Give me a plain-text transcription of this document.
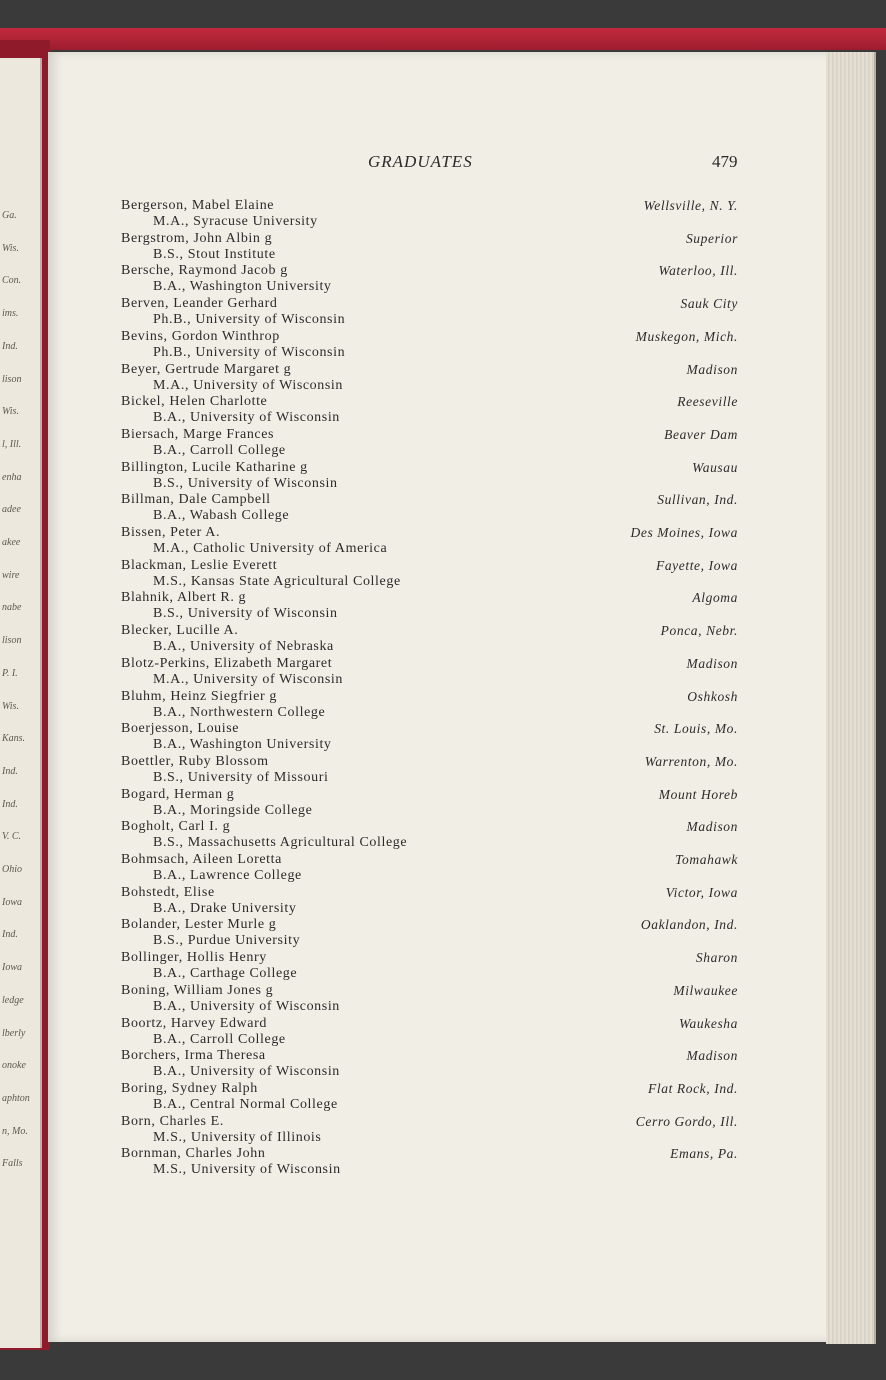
Ga.
Wis.
Con.
ims.
Ind.
lison
Wis.
l, Ill.
enha
adee
akee
wire
nabe
lison
P. I.
Wis.
Kans.
Ind.
Ind.
V. C.
Ohio
Iowa
Ind.
Iowa
ledge
lberly
onoke
aphton
n, Mo.
Falls
GRADUATES	479
Bergerson, Mabel Elaine
M.A., Syracuse University
Wellsville, N. Y.
Bergstrom, John Albin g
B.S., Stout Institute
Superior
Bersche, Raymond Jacob g
B.A., Washington University
Waterloo, Ill.
Berven, Leander Gerhard
Ph.B., University of Wisconsin
Sauk City
Bevins, Gordon Winthrop
Ph.B., University of Wisconsin
Muskegon, Mich.
Beyer, Gertrude Margaret g
M.A., University of Wisconsin
Madison
Bickel, Helen Charlotte
B.A., University of Wisconsin
Reeseville
Biersach, Marge Frances
B.A., Carroll College
Beaver Dam
Billington, Lucile Katharine g
B.S., University of Wisconsin
Wausau
Billman, Dale Campbell
B.A., Wabash College
Sullivan, Ind.
Bissen, Peter A.
M.A., Catholic University of America
Des Moines, Iowa
Blackman, Leslie Everett
M.S., Kansas State Agricultural College
Fayette, Iowa
Blahnik, Albert R. g
B.S., University of Wisconsin
Algoma
Blecker, Lucille A.
B.A., University of Nebraska
Ponca, Nebr.
Blotz-Perkins, Elizabeth Margaret
M.A., University of Wisconsin
Madison
Bluhm, Heinz Siegfrier g
B.A., Northwestern College
Oshkosh
Boerjesson, Louise
B.A., Washington University
St. Louis, Mo.
Boettler, Ruby Blossom
B.S., University of Missouri
Warrenton, Mo.
Bogard, Herman g
B.A., Moringside College
Mount Horeb
Bogholt, Carl I. g
B.S., Massachusetts Agricultural College
Madison
Bohmsach, Aileen Loretta
B.A., Lawrence College
Tomahawk
Bohstedt, Elise
B.A., Drake University
Victor, Iowa
Bolander, Lester Murle g
B.S., Purdue University
Oaklandon, Ind.
Bollinger, Hollis Henry
B.A., Carthage College
Sharon
Boning, William Jones g
B.A., University of Wisconsin
Milwaukee
Boortz, Harvey Edward
B.A., Carroll College
Waukesha
Borchers, Irma Theresa
B.A., University of Wisconsin
Madison
Boring, Sydney Ralph
B.A., Central Normal College
Flat Rock, Ind.
Born, Charles E.
M.S., University of Illinois
Cerro Gordo, Ill.
Bornman, Charles John
M.S., University of Wisconsin
Emans, Pa.
